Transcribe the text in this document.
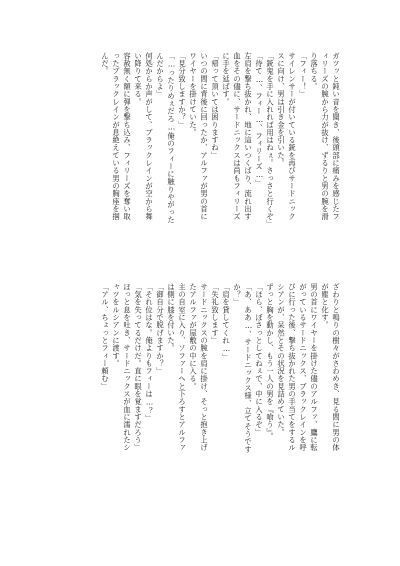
ガツッと鈍い音を聞き、後頭部に痛みを感じたフ

ィリーズの腕から力が抜け、ずるりと男の腕を滑

り落ちる。

「フィー！」

サイレンサーが付いている銃を再びサードニック

スに向け、男は引き金を引いた。

「銃鬼を手に入れれば用はねぇ。さっさと行くぞ」

「待て…、フィー…、フィリーズ…」

左肩を撃ち抜かれ、地に這いつくばり、流れ出す

血をその儘に、サードニックスは尚もフィリーズ

に手を延ばす。

「帰って頂いては困りますね」

いつの間に背後に回ったか、アルファが男の首に

ワイヤーを掛けていた。

「見分致しますか？」

「…ったりめぇだろ…俺のフィーに触りやがった

んだからよ」

何処からか声がして、ブラックレインが空から舞

い降りて来る。

容赦無く額に弾を撃ち込み、フィリーズを奪い取

ったブラックレインが息絶えている男の胸座を掴

んだ。

ざわりと鳴りの樹々がさわめき、見る間に男の体

が塵と化す。

男の首にワイヤーを掛けた儘のアルファ、鷹に転

がっているサードニックス、ブラックレインを呼

びに行った後、撃ち抜かれた男の手当てをするル

シアンが、呆然とその状況を見詰めていた。

ずっと胸を動かし、もう一人の男を『喰う』。

「ほら、ぼさっとしてねぇで、中に入るぞ」

「あ、ああ…、サードニックス様、立てそうです

か？」

「肩を貸してくれ…」

「失礼致します」

サードニックスの腕を肩に掛け、そっと抱き上げ

たアルファが屋敷の中に入る。

主の自室に入り、ソファーへと下ろすとアルファ

は側に膝を付いた。

「御自分で脱げますか？」

「それ位はな。俺よりもフィーは…？」

「気を失ってるだけだ。直に眼を覚ますだろう」

ほっと息を吐き、サードニックスが血に濡れたシ

ャツをルシアンに渡す。

「アル、ちょっとフィー頼む」
